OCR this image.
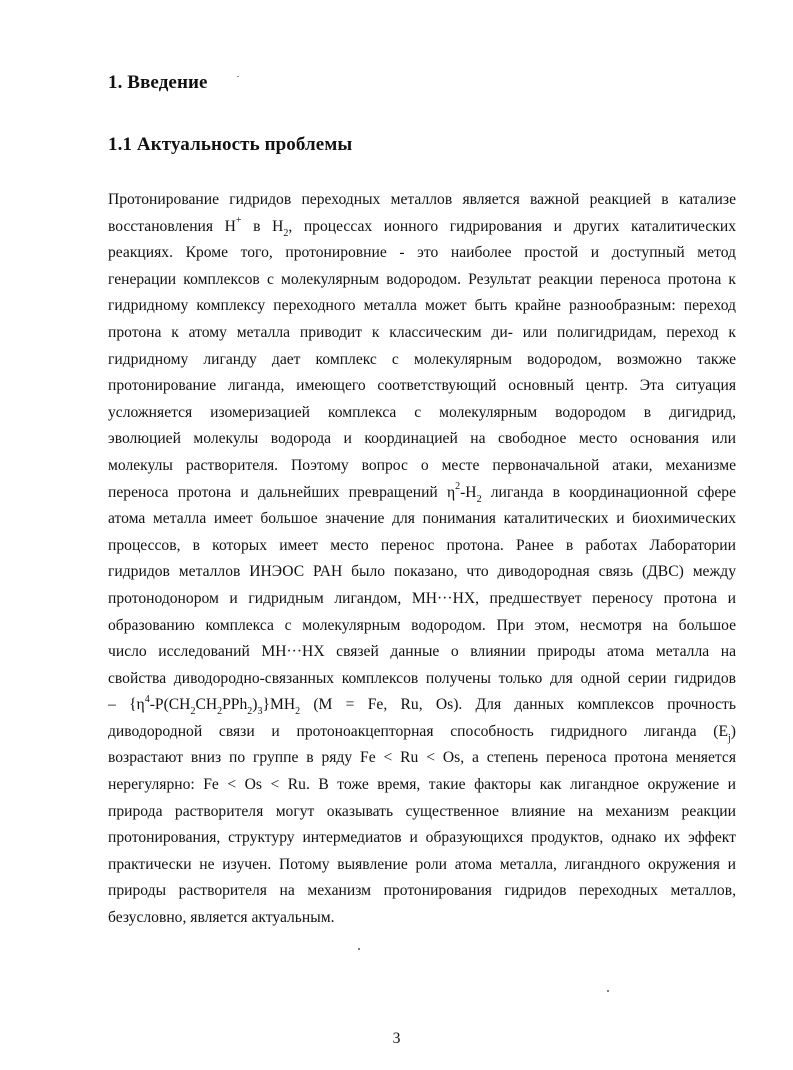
1. Введение
1.1 Актуальность проблемы
Протонирование гидридов переходных металлов является важной реакцией в катализе
восстановления H+ в $H_2$, процессах ионного гидрирования и других каталитических
реакциях. Кроме того, протонировние - это наиболее простой и доступный метод
генерации комплексов с молекулярным водородом. Результат реакции переноса протона к
гидридному комплексу переходного металла может быть крайне разнообразным: переход
протона к атому металла приводит к классическим ди- или полигидридам, переход к
гидридному лиганду дает комплекс с молекулярным водородом, возможно также
протонирование лиганда, имеющего соответствующий основный центр. Эта ситуация
усложняется изомеризацией комплекса с молекулярным водородом в дигидрид,
эволюцией молекулы водорода и координацией на свободное место основания или
молекулы растворителя. Поэтому вопрос о месте первоначальной атаки, механизме
переноса протона и дальнейших превращений $\eta^2-H_2$ лиганда в координационной сфере
атома металла имеет большое значение для понимания каталитических и биохимических
процессов, в которых имеет место перенос протона. Ранее в работах Лаборатории
гидридов металлов ИНЭОС РАН было показано, что диводородная связь (ДВС) между
протонодонором и гидридным лигандом, MH···HX, предшествует переносу протона и
образованию комплекса с молекулярным водородом. При этом, несмотря на большое
число исследований MH···HX связей данные о влиянии природы атома металла на
свойства диводородно-связанных комплексов получены только для одной серии гидридов
– $\{\eta^4-P(CH_2CH_2PPh_2)_3\}MH_2$ (M = Fe, Ru, Os). Для данных комплексов прочность
диводородной связи и протоноакцепторная способность гидридного лиганда $(E_j)$
возрастают вниз по группе в ряду Fe < Ru < Os, а степень переноса протона меняется
нерегулярно: Fe < Os < Ru. В тоже время, такие факторы как лигандное окружение и
природа растворителя могут оказывать существенное влияние на механизм реакции
протонирования, структуру интермедиатов и образующихся продуктов, однако их эффект
практически не изучен. Потому выявление роли атома металла, лигандного окружения и
природы растворителя на механизм протонирования гидридов переходных металлов,
безусловно, является актуальным.
3
